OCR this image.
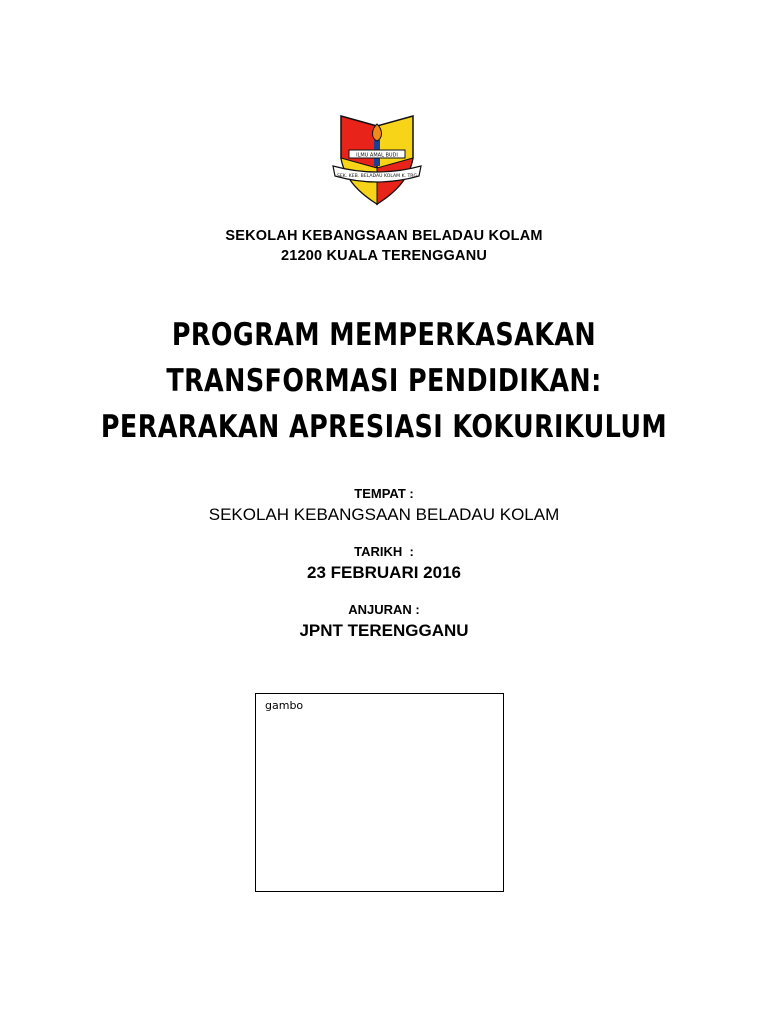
ILMU AMAL BUDI
SEK. KEB. BELADAU KOLAM K. TRG
SEKOLAH KEBANGSAAN BELADAU KOLAM
21200 KUALA TERENGGANU
PROGRAM MEMPERKASAKAN
TRANSFORMASI PENDIDIKAN:
PERARAKAN APRESIASI KOKURIKULUM
TEMPAT :
SEKOLAH KEBANGSAAN BELADAU KOLAM
TARIKH  :
23 FEBRUARI 2016
ANJURAN :
JPNT TERENGGANU
gambo
